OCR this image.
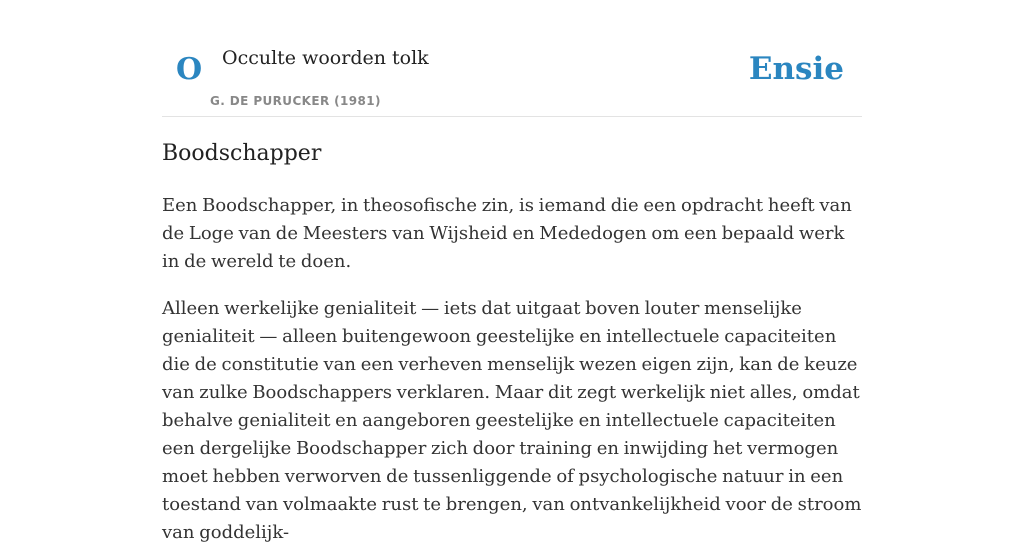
O Occulte woorden tolk
G. DE PURUCKER (1981)
Ensie
Boodschapper

Een Boodschapper, in theosofische zin, is iemand die een opdracht heeft van de Loge van de Meesters van Wijsheid en Mededogen om een bepaald werk in de wereld te doen.

Alleen werkelijke genialiteit — iets dat uitgaat boven louter menselijke genialiteit — alleen buitengewoon geestelijke en intellectuele capaciteiten die de constitutie van een verheven menselijk wezen eigen zijn, kan de keuze van zulke Boodschappers verklaren. Maar dit zegt werkelijk niet alles, omdat behalve genialiteit en aangeboren geestelijke en intellectuele capaciteiten een dergelijke Boodschapper zich door training en inwijding het vermogen moet hebben verworven de tussenliggende of psychologische natuur in een toestand van volmaakte rust te brengen, van ontvankelijkheid voor de stroom van goddelijk-
